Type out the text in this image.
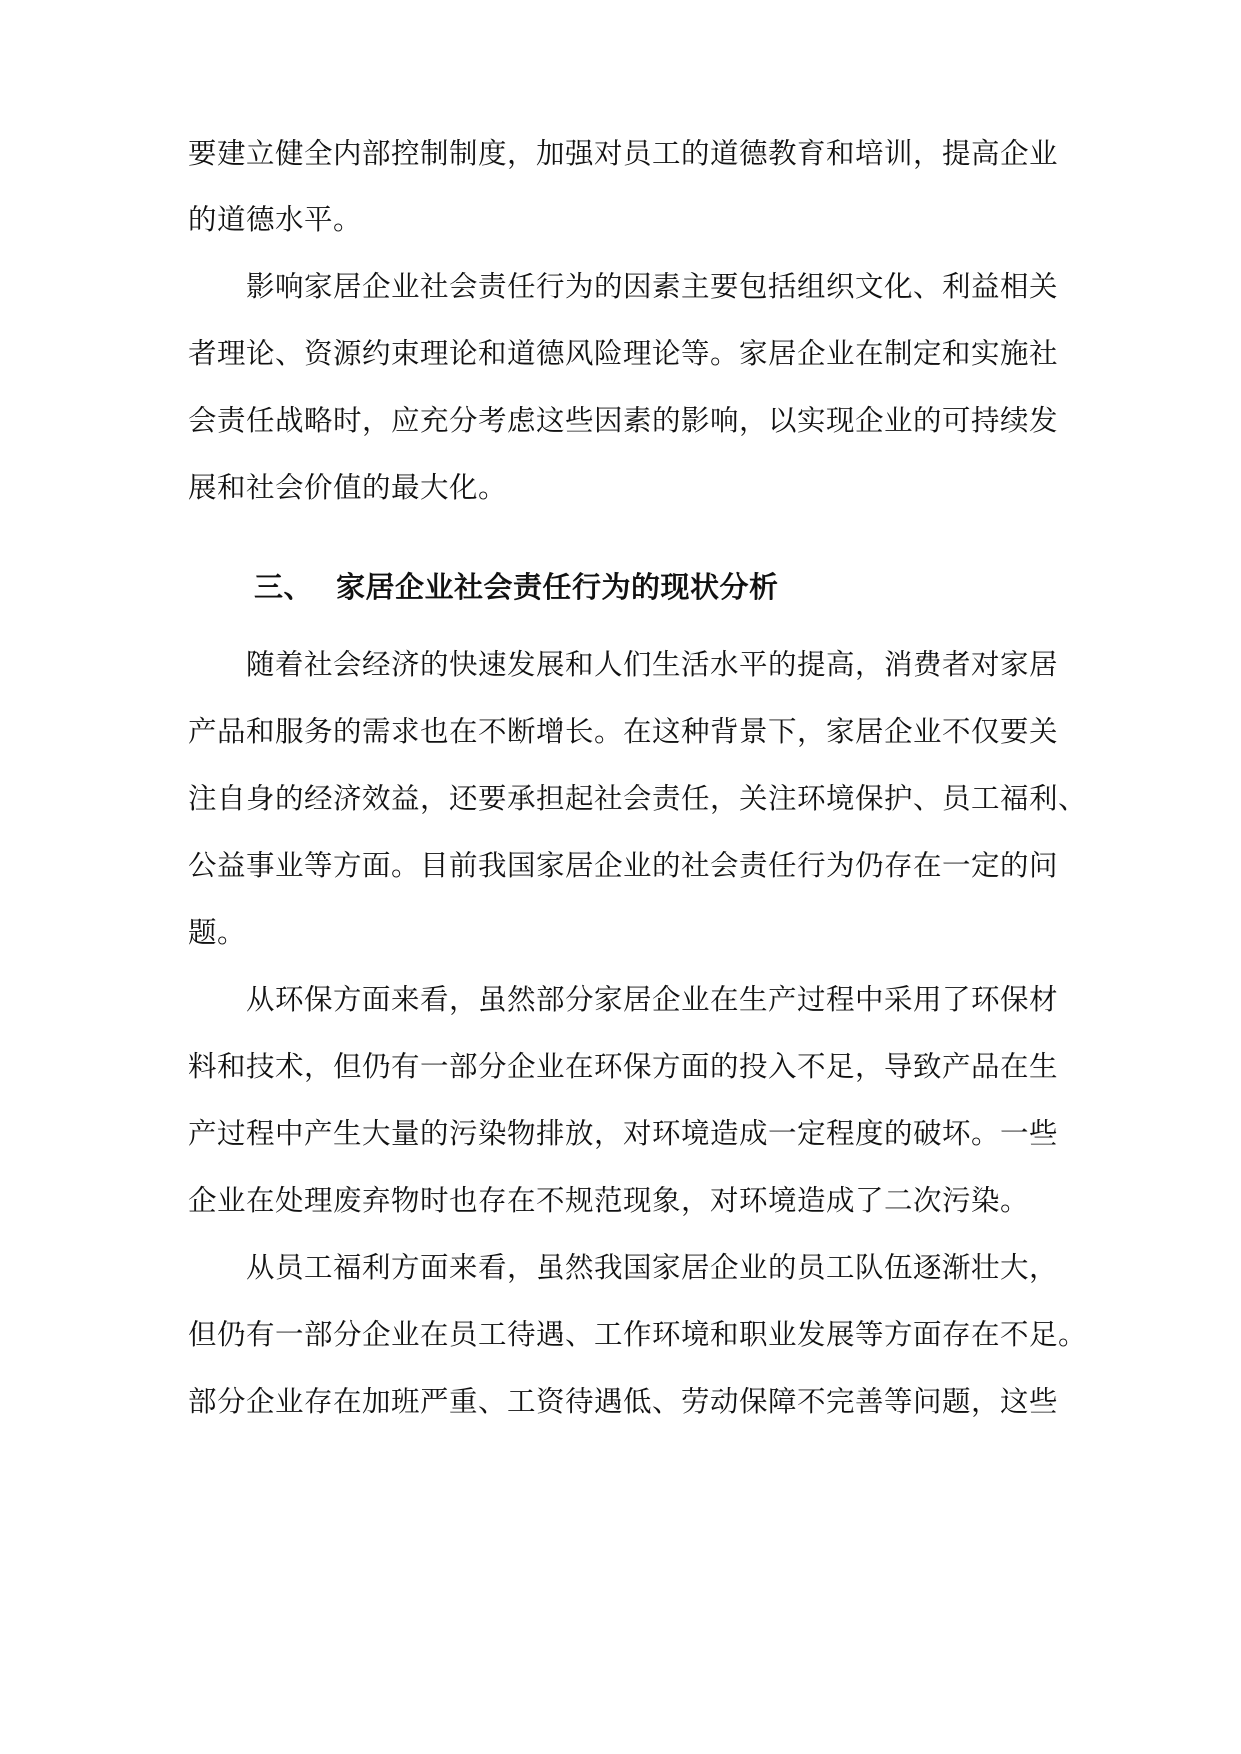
要建立健全内部控制制度，加强对员工的道德教育和培训，提高企业
的道德水平。
影响家居企业社会责任行为的因素主要包括组织文化、利益相关
者理论、资源约束理论和道德风险理论等。家居企业在制定和实施社
会责任战略时，应充分考虑这些因素的影响，以实现企业的可持续发
展和社会价值的最大化。
三、 家居企业社会责任行为的现状分析
随着社会经济的快速发展和人们生活水平的提高，消费者对家居
产品和服务的需求也在不断增长。在这种背景下，家居企业不仅要关
注自身的经济效益，还要承担起社会责任，关注环境保护、员工福利、
公益事业等方面。目前我国家居企业的社会责任行为仍存在一定的问
题。
从环保方面来看，虽然部分家居企业在生产过程中采用了环保材
料和技术，但仍有一部分企业在环保方面的投入不足，导致产品在生
产过程中产生大量的污染物排放，对环境造成一定程度的破坏。一些
企业在处理废弃物时也存在不规范现象，对环境造成了二次污染。
从员工福利方面来看，虽然我国家居企业的员工队伍逐渐壮大，
但仍有一部分企业在员工待遇、工作环境和职业发展等方面存在不足。
部分企业存在加班严重、工资待遇低、劳动保障不完善等问题，这些
